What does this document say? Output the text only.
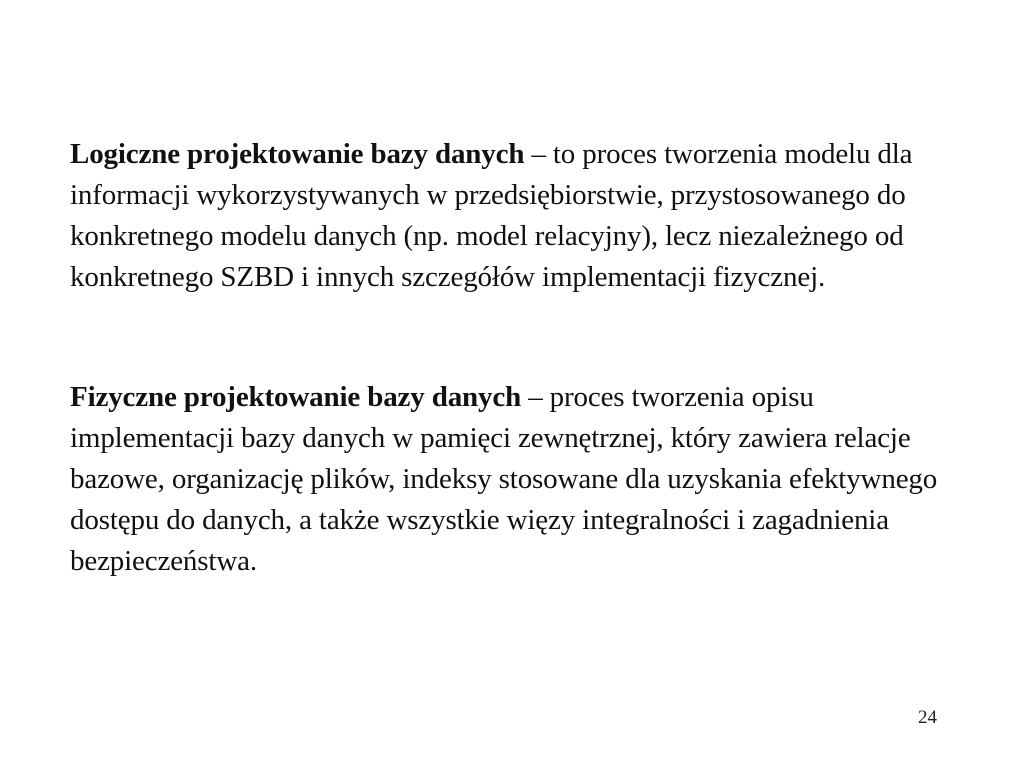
Logiczne projektowanie bazy danych – to proces tworzenia modelu dla informacji wykorzystywanych w przedsiębiorstwie, przystosowanego do konkretnego modelu danych (np. model relacyjny), lecz niezależnego od konkretnego SZBD i innych szczegółów implementacji fizycznej.

Fizyczne projektowanie bazy danych – proces tworzenia opisu implementacji bazy danych w pamięci zewnętrznej, który zawiera relacje bazowe, organizację plików, indeksy stosowane dla uzyskania efektywnego dostępu do danych, a także wszystkie więzy integralności i zagadnienia bezpieczeństwa.

24
